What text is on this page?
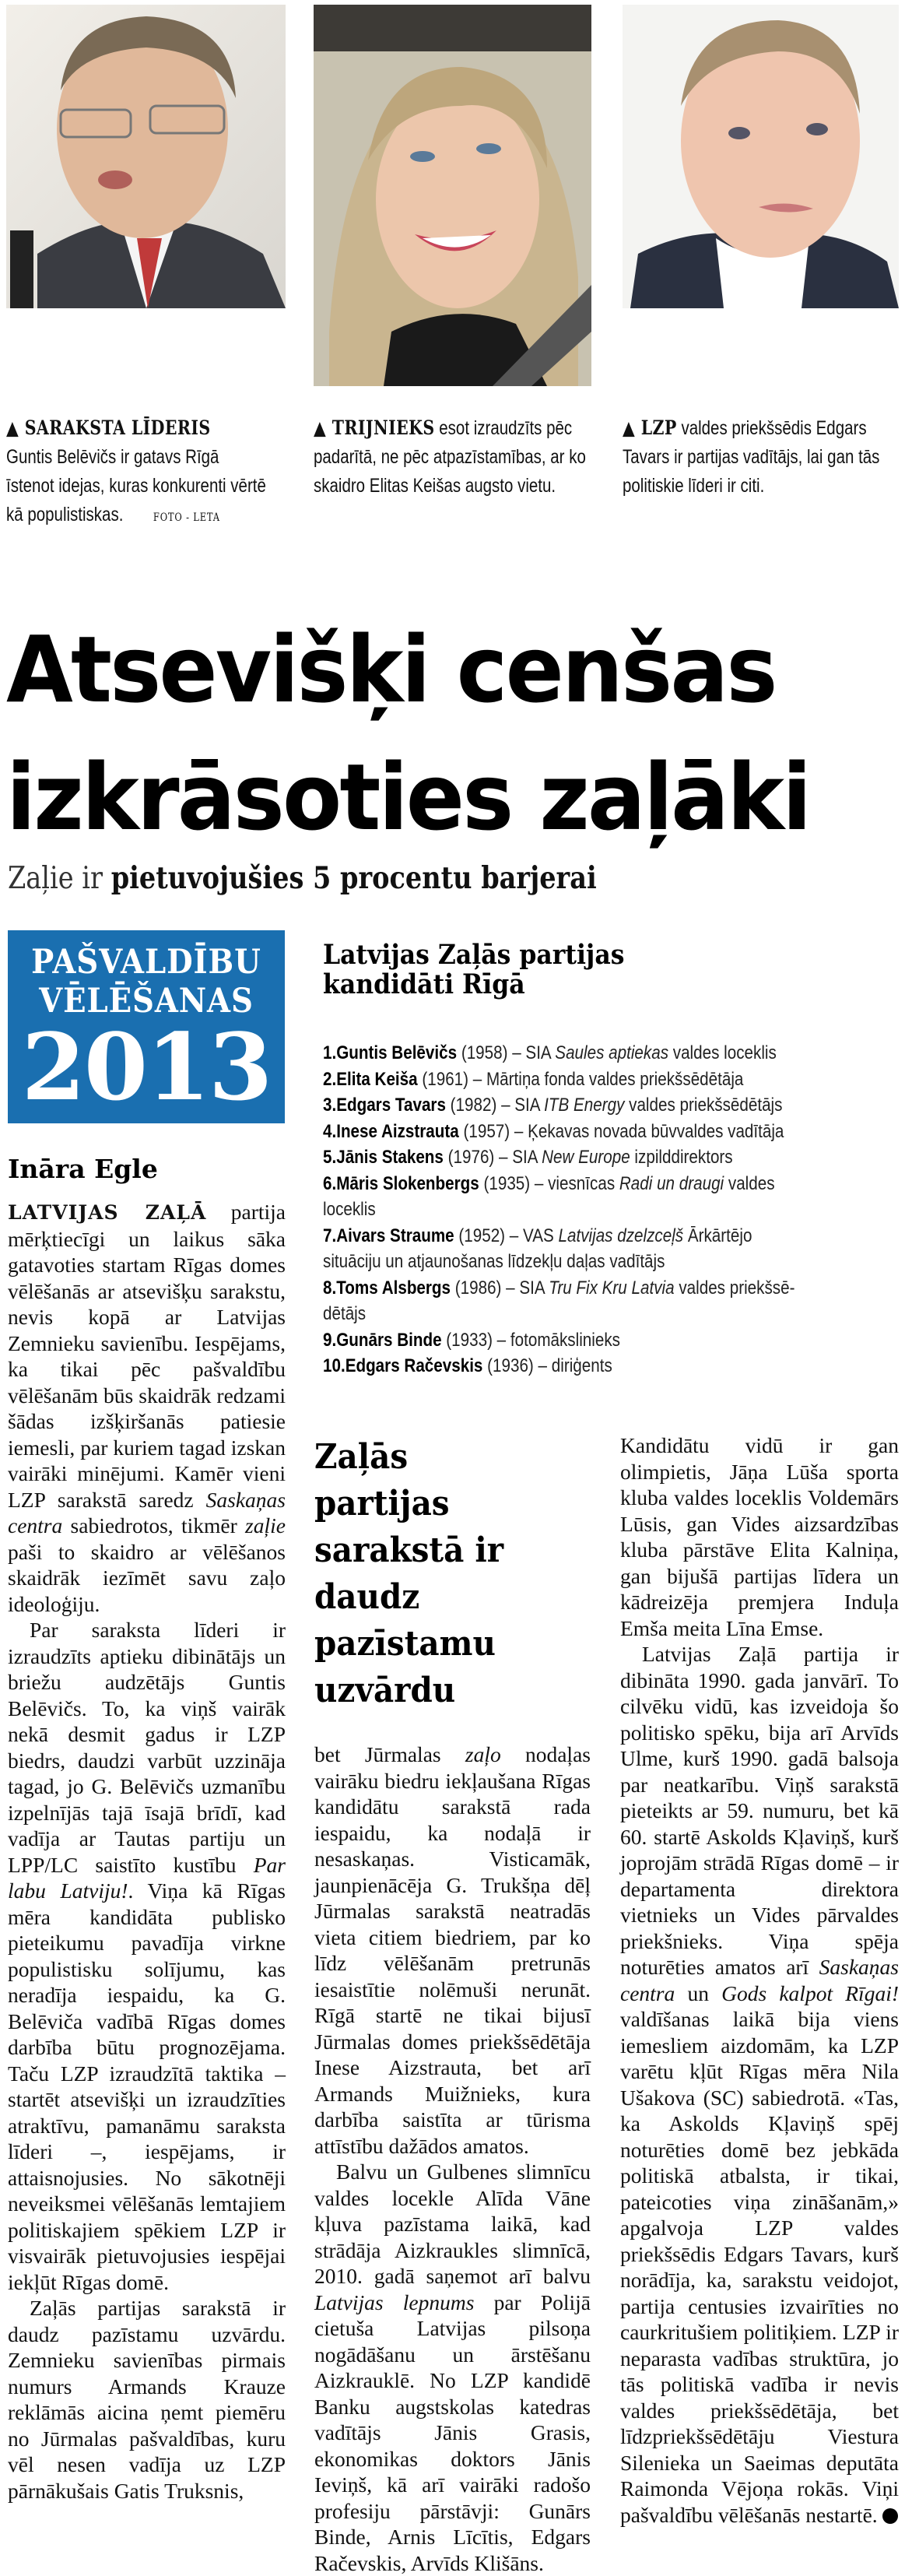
▲ SARAKSTA LĪDERIS
Guntis Belēvičs ir gatavs Rīgā īstenot idejas, kuras konkurenti vērtē kā populistiskas.	FOTO - LETA
▲ TRIJNIEKS esot izraudzīts pēc padarītā, ne pēc atpazīstamības, ar ko skaidro Elitas Keišas augsto vietu.
▲ LZP valdes priekšsēdis Edgars Tavars ir partijas vadītājs, lai gan tās politiskie līderi ir citi.
Atsevišķi cenšas
izkrāsoties zaļāki
Zaļie ir pietuvojušies 5 procentu barjerai
PAŠVALDĪBU
VĒLĒŠANAS
2013
Ināra Egle
Latvijas Zaļās partijas
kandidāti Rīgā
1.Guntis Belēvičs (1958) – SIA Saules aptiekas valdes loceklis
2.Elita Keiša (1961) – Mārtiņa fonda valdes priekšsēdētāja
3.Edgars Tavars (1982) – SIA ITB Energy valdes priekšsēdētājs
4.Inese Aizstrauta (1957) – Ķekavas novada būvvaldes vadītāja
5.Jānis Stakens (1976) – SIA New Europe izpilddirektors
6.Māris Slokenbergs (1935) – viesnīcas Radi un draugi valdes
loceklis
7.Aivars Straume (1952) – VAS Latvijas dzelzceļš Ārkārtējo
situāciju un atjaunošanas līdzekļu daļas vadītājs
8.Toms Alsbergs (1986) – SIA Tru Fix Kru Latvia valdes priekšsē-
dētājs
9.Gunārs Binde (1933) – fotomākslinieks
10.Edgars Račevskis (1936) – diriģents

LATVIJAS ZAĻĀ partija mērķtiecīgi un laikus sāka gatavoties startam Rīgas domes vēlēšanās ar atsevišķu sarakstu, nevis kopā ar Latvijas Zemnieku savienību. Iespējams, ka tikai pēc pašvaldību vēlēšanām būs skaidrāk redzami šādas izšķiršanās patiesie iemesli, par kuriem tagad izskan vairāki minējumi. Kamēr vieni LZP sarakstā saredz Saskaņas centra sabiedrotos, tikmēr zaļie paši to skaidro ar vēlēšanos skaidrāk iezīmēt savu zaļo ideoloģiju.

Par saraksta līderi ir izraudzīts aptieku dibinātājs un briežu audzētājs Guntis Belēvičs. To, ka viņš vairāk nekā desmit gadus ir LZP biedrs, daudzi varbūt uzzināja tagad, jo G. Belēvičs uzmanību izpelnījās tajā īsajā brīdī, kad vadīja ar Tautas partiju un LPP/LC saistīto kustību Par labu Latviju!. Viņa kā Rīgas mēra kandidāta publisko pieteikumu pavadīja virkne populistisku solījumu, kas neradīja iespaidu, ka G. Belēviča vadībā Rīgas domes darbība būtu prognozējama. Taču LZP izraudzītā taktika – startēt atsevišķi un izraudzīties atraktīvu, pamanāmu saraksta līderi –, iespējams, ir attaisnojusies. No sākotnēji neveiksmei vēlēšanās lemtajiem politiskajiem spēkiem LZP ir visvairāk pietuvojusies iespējai iekļūt Rīgas domē.

Zaļās partijas sarakstā ir daudz pazīstamu uzvārdu. Zemnieku savienības pirmais numurs Armands Krauze reklāmās aicina ņemt piemēru no Jūrmalas pašvaldības, kuru vēl nesen vadīja uz LZP pārnākušais Gatis Truksnis,

Zaļās partijas sarakstā ir daudz pazīstamu uzvārdu

bet Jūrmalas zaļo nodaļas vairāku biedru iekļaušana Rīgas kandidātu sarakstā rada iespaidu, ka nodaļā ir nesaskaņas. Visticamāk, jaunpienācēja G. Trukšņa dēļ Jūrmalas sarakstā neatradās vieta citiem biedriem, par ko līdz vēlēšanām pretrunās iesaistītie nolēmuši nerunāt. Rīgā startē ne tikai bijusī Jūrmalas domes priekšsēdētāja Inese Aizstrauta, bet arī Armands Muižnieks, kura darbība saistīta ar tūrisma attīstību dažādos amatos.

Balvu un Gulbenes slimnīcu valdes locekle Alīda Vāne kļuva pazīstama laikā, kad strādāja Aizkraukles slimnīcā, 2010. gadā saņemot arī balvu Latvijas lepnums par Polijā cietuša Latvijas pilsoņa nogādāšanu un ārstēšanu Aizkrauklē. No LZP kandidē Banku augstskolas katedras vadītājs Jānis Grasis, ekonomikas doktors Jānis Ieviņš, kā arī vairāki radošo profesiju pārstāvji: Gunārs Binde, Arnis Līcītis, Edgars Račevskis, Arvīds Klišāns.

Kandidātu vidū ir gan olimpietis, Jāņa Lūša sporta kluba valdes loceklis Voldemārs Lūsis, gan Vides aizsardzības kluba pārstāve Elita Kalniņa, gan bijušā partijas līdera un kādreizēja premjera Induļa Emša meita Līna Emse.

Latvijas Zaļā partija ir dibināta 1990. gada janvārī. To cilvēku vidū, kas izveidoja šo politisko spēku, bija arī Arvīds Ulme, kurš 1990. gadā balsoja par neatkarību. Viņš sarakstā pieteikts ar 59. numuru, bet kā 60. startē Askolds Kļaviņš, kurš joprojām strādā Rīgas domē – ir departamenta direktora vietnieks un Vides pārvaldes priekšnieks. Viņa spēja noturēties amatos arī Saskaņas centra un Gods kalpot Rīgai! valdīšanas laikā bija viens iemesliem aizdomām, ka LZP varētu kļūt Rīgas mēra Nila Ušakova (SC) sabiedrotā. «Tas, ka Askolds Kļaviņš spēj noturēties domē bez jebkāda politiskā atbalsta, ir tikai, pateicoties viņa zināšanām,» apgalvoja LZP valdes priekšsēdis Edgars Tavars, kurš norādīja, ka, sarakstu veidojot, partija centusies izvairīties no caurkritušiem politiķiem. LZP ir neparasta vadības struktūra, jo tās politiskā vadība ir nevis valdes priekšsēdētāja, bet līdzpriekšsēdētāju Viestura Silenieka un Saeimas deputāta Raimonda Vējoņa rokās. Viņi pašvaldību vēlēšanās nestartē.
